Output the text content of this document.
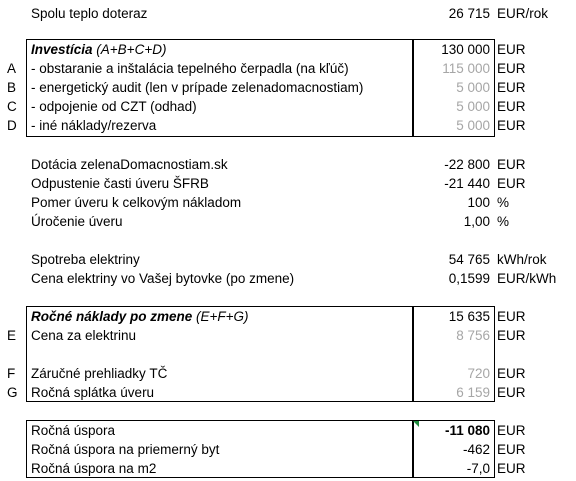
Spolu teplo doteraz	26 715 EUR/rok
Investícia (A+B+C+D)	130 000 EUR
A	- obstaranie a inštalácia tepelného čerpadla (na kľúč)	115 000 EUR
B	- energetický audit (len v prípade zelenadomacnostiam)	5 000 EUR
C	- odpojenie od CZT (odhad)	5 000 EUR
D	- iné náklady/rezerva	5 000 EUR
Dotácia zelenaDomacnostiam.sk	-22 800 EUR
Odpustenie časti úveru ŠFRB	-21 440 EUR
Pomer úveru k celkovým nákladom	100 %
Úročenie úveru	1,00 %
Spotreba elektriny	54 765 kWh/rok
Cena elektriny vo Vašej bytovke (po zmene)	0,1599 EUR/kWh
Ročné náklady po zmene (E+F+G)	15 635 EUR
E	Cena za elektrinu	8 756 EUR
F	Záručné prehliadky TČ	720 EUR
G Ročná splátka úveru	6 159 EUR
Ročná úspora	-11 080 EUR
Ročná úspora na priemerný byt	-462 EUR
Ročná úspora na m2	-7,0 EUR
